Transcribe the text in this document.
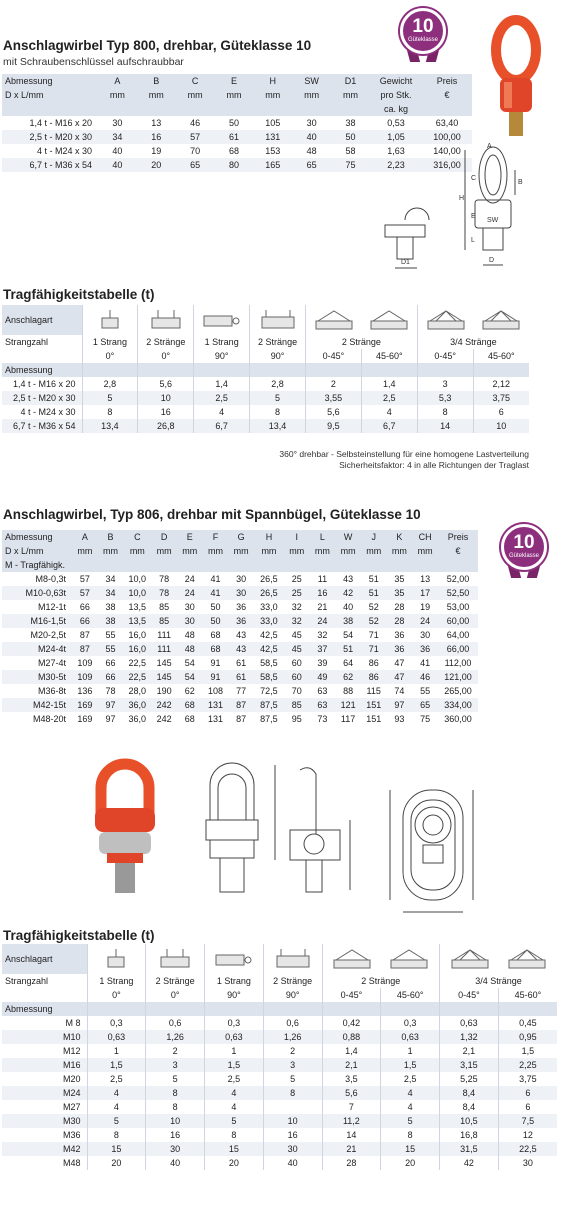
Anschlagwirbel Typ 800, drehbar, Güteklasse 10
mit Schraubenschlüssel aufschraubbar
10
Güteklasse
Abmessung	A	B	C	E	H	SW	D1	Gewicht	Preis
D x L/mm	mm	mm	mm	mm	mm	mm	mm	pro Stk.	€
								ca. kg	
1,4 t - M16 x 20	30	13	46	50	105	30	38	0,53	63,40
2,5 t - M20 x 30	34	16	57	61	131	40	50	1,05	100,00
4 t - M24 x 30	40	19	70	68	153	48	58	1,63	140,00
6,7 t - M36 x 54	40	20	65	80	165	65	75	2,23	316,00
A
C
B
H
E
L
SW
D1	D
Tragfähigkeitstabelle (t)
Anschlagart	

Strangzahl	1 Strang	2 Stränge	1 Strang	2 Stränge	2 Stränge		3/4 Stränge	
	0°	0°	90°	90°	0-45°	45-60°	0-45°	45-60°
Abmessung								
1,4 t - M16 x 20	2,8	5,6	1,4	2,8	2	1,4	3	2,12
2,5 t - M20 x 30	5	10	2,5	5	3,55	2,5	5,3	3,75
4 t - M24 x 30	8	16	4	8	5,6	4	8	6
6,7 t - M36 x 54	13,4	26,8	6,7	13,4	9,5	6,7	14	10
360° drehbar - Selbsteinstellung für eine homogene Lastverteilung
Sicherheitsfaktor: 4 in alle Richtungen der Traglast
Anschlagwirbel, Typ 806, drehbar mit Spannbügel, Güteklasse 10
10
Güteklasse
Abmessung	A	B	C	D	E	F	G	H	I	L	W	J	K	CH	Preis
D x L/mm	mm	mm	mm	mm	mm	mm	mm	mm	mm	mm	mm	mm	mm	mm	€
M - Tragfähigk.															
M8-0,3t	57	34	10,0	78	24	41	30	26,5	25	11	43	51	35	13	52,00
M10-0,63t	57	34	10,0	78	24	41	30	26,5	25	16	42	51	35	17	52,50
M12-1t	66	38	13,5	85	30	50	36	33,0	32	21	40	52	28	19	53,00
M16-1,5t	66	38	13,5	85	30	50	36	33,0	32	24	38	52	28	24	60,00
M20-2,5t	87	55	16,0	111	48	68	43	42,5	45	32	54	71	36	30	64,00
M24-4t	87	55	16,0	111	48	68	43	42,5	45	37	51	71	36	36	66,00
M27-4t	109	66	22,5	145	54	91	61	58,5	60	39	64	86	47	41	112,00
M30-5t	109	66	22,5	145	54	91	61	58,5	60	49	62	86	47	46	121,00
M36-8t	136	78	28,0	190	62	108	77	72,5	70	63	88	115	74	55	265,00
M42-15t	169	97	36,0	242	68	131	87	87,5	85	63	121	151	97	65	334,00
M48-20t	169	97	36,0	242	68	131	87	87,5	95	73	117	151	93	75	360,00
Tragfähigkeitstabelle (t)
Anschlagart	

Strangzahl	1 Strang	2 Stränge	1 Strang	2 Stränge	2 Stränge		3/4 Stränge	
	0°	0°	90°	90°	0-45°	45-60°	0-45°	45-60°
Abmessung								
M 8	0,3	0,6	0,3	0,6	0,42	0,3	0,63	0,45
M10	0,63	1,26	0,63	1,26	0,88	0,63	1,32	0,95
M12	1	2	1	2	1,4	1	2,1	1,5
M16	1,5	3	1,5	3	2,1	1,5	3,15	2,25
M20	2,5	5	2,5	5	3,5	2,5	5,25	3,75
M24	4	8	4	8	5,6	4	8,4	6
M27	4	8	4		7	4	8,4	6
M30	5	10	5	10	11,2	5	10,5	7,5
M36	8	16	8	16	14	8	16,8	12
M42	15	30	15	30	21	15	31,5	22,5
M48	20	40	20	40	28	20	42	30
